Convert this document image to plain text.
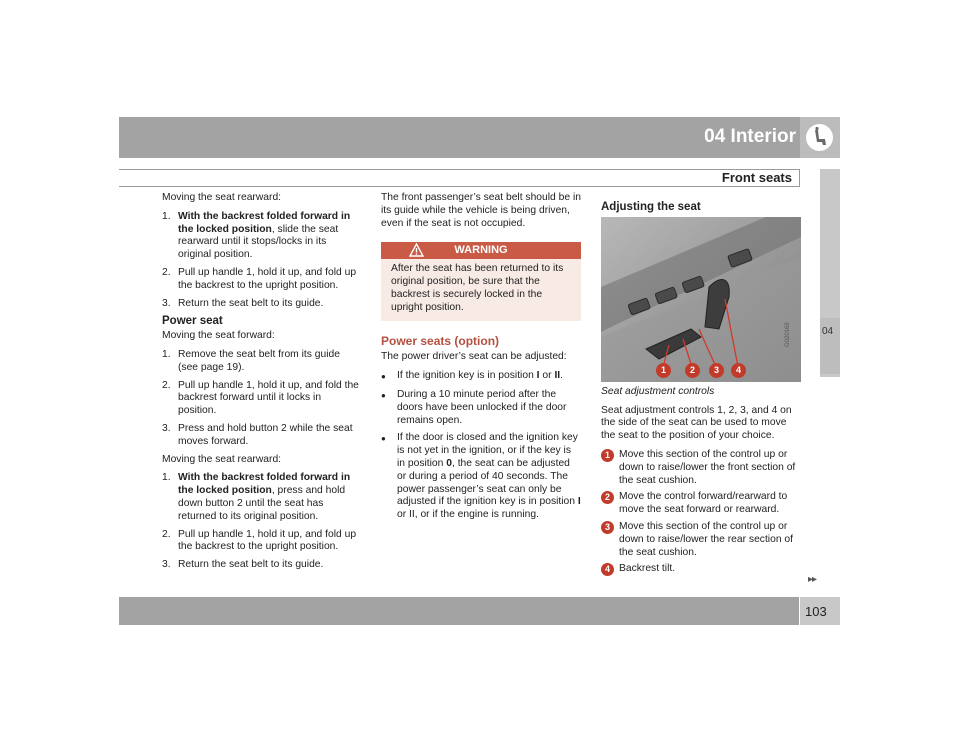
04 Interior
Front seats
04
▸▸
103

Moving the seat rearward:

1. With the backrest folded forward in the locked position, slide the seat rearward until it stops/locks in its original position.
2. Pull up handle 1, hold it up, and fold up the backrest to the upright position.
3. Return the seat belt to its guide.
Power seat

Moving the seat forward:

1. Remove the seat belt from its guide (see page 19).
2. Pull up handle 1, hold it up, and fold the backrest forward until it locks in position.
3. Press and hold button 2 while the seat moves forward.

Moving the seat rearward:

1. With the backrest folded forward in the locked position, press and hold down button 2 until the seat has returned to its original position.
2. Pull up handle 1, hold it up, and fold up the backrest to the upright position.
3. Return the seat belt to its guide.

The front passenger’s seat belt should be in its guide while the vehicle is being driven, even if the seat is not occupied.

WARNING
After the seat has been returned to its original position, be sure that the backrest is securely locked in the upright position.
Power seats (option)

The power driver’s seat can be adjusted:

●	If the ignition key is in position I or II.
●	During a 10 minute period after the doors have been unlocked if the door remains open.
●	If the door is closed and the ignition key is not yet in the ignition, or if the key is in position 0, the seat can be adjusted or during a period of 40 seconds. The power passenger’s seat can only be adjusted if the ignition key is in position I or II, or if the engine is running.
Adjusting the seat
G020169
1	2	3	4
Seat adjustment controls

Seat adjustment controls 1, 2, 3, and 4 on the side of the seat can be used to move the seat to the position of your choice.

1 Move this section of the control up or down to raise/lower the front section of the seat cushion.
2 Move the control forward/rearward to move the seat forward or rearward.
3 Move this section of the control up or down to raise/lower the rear section of the seat cushion.
4 Backrest tilt.
